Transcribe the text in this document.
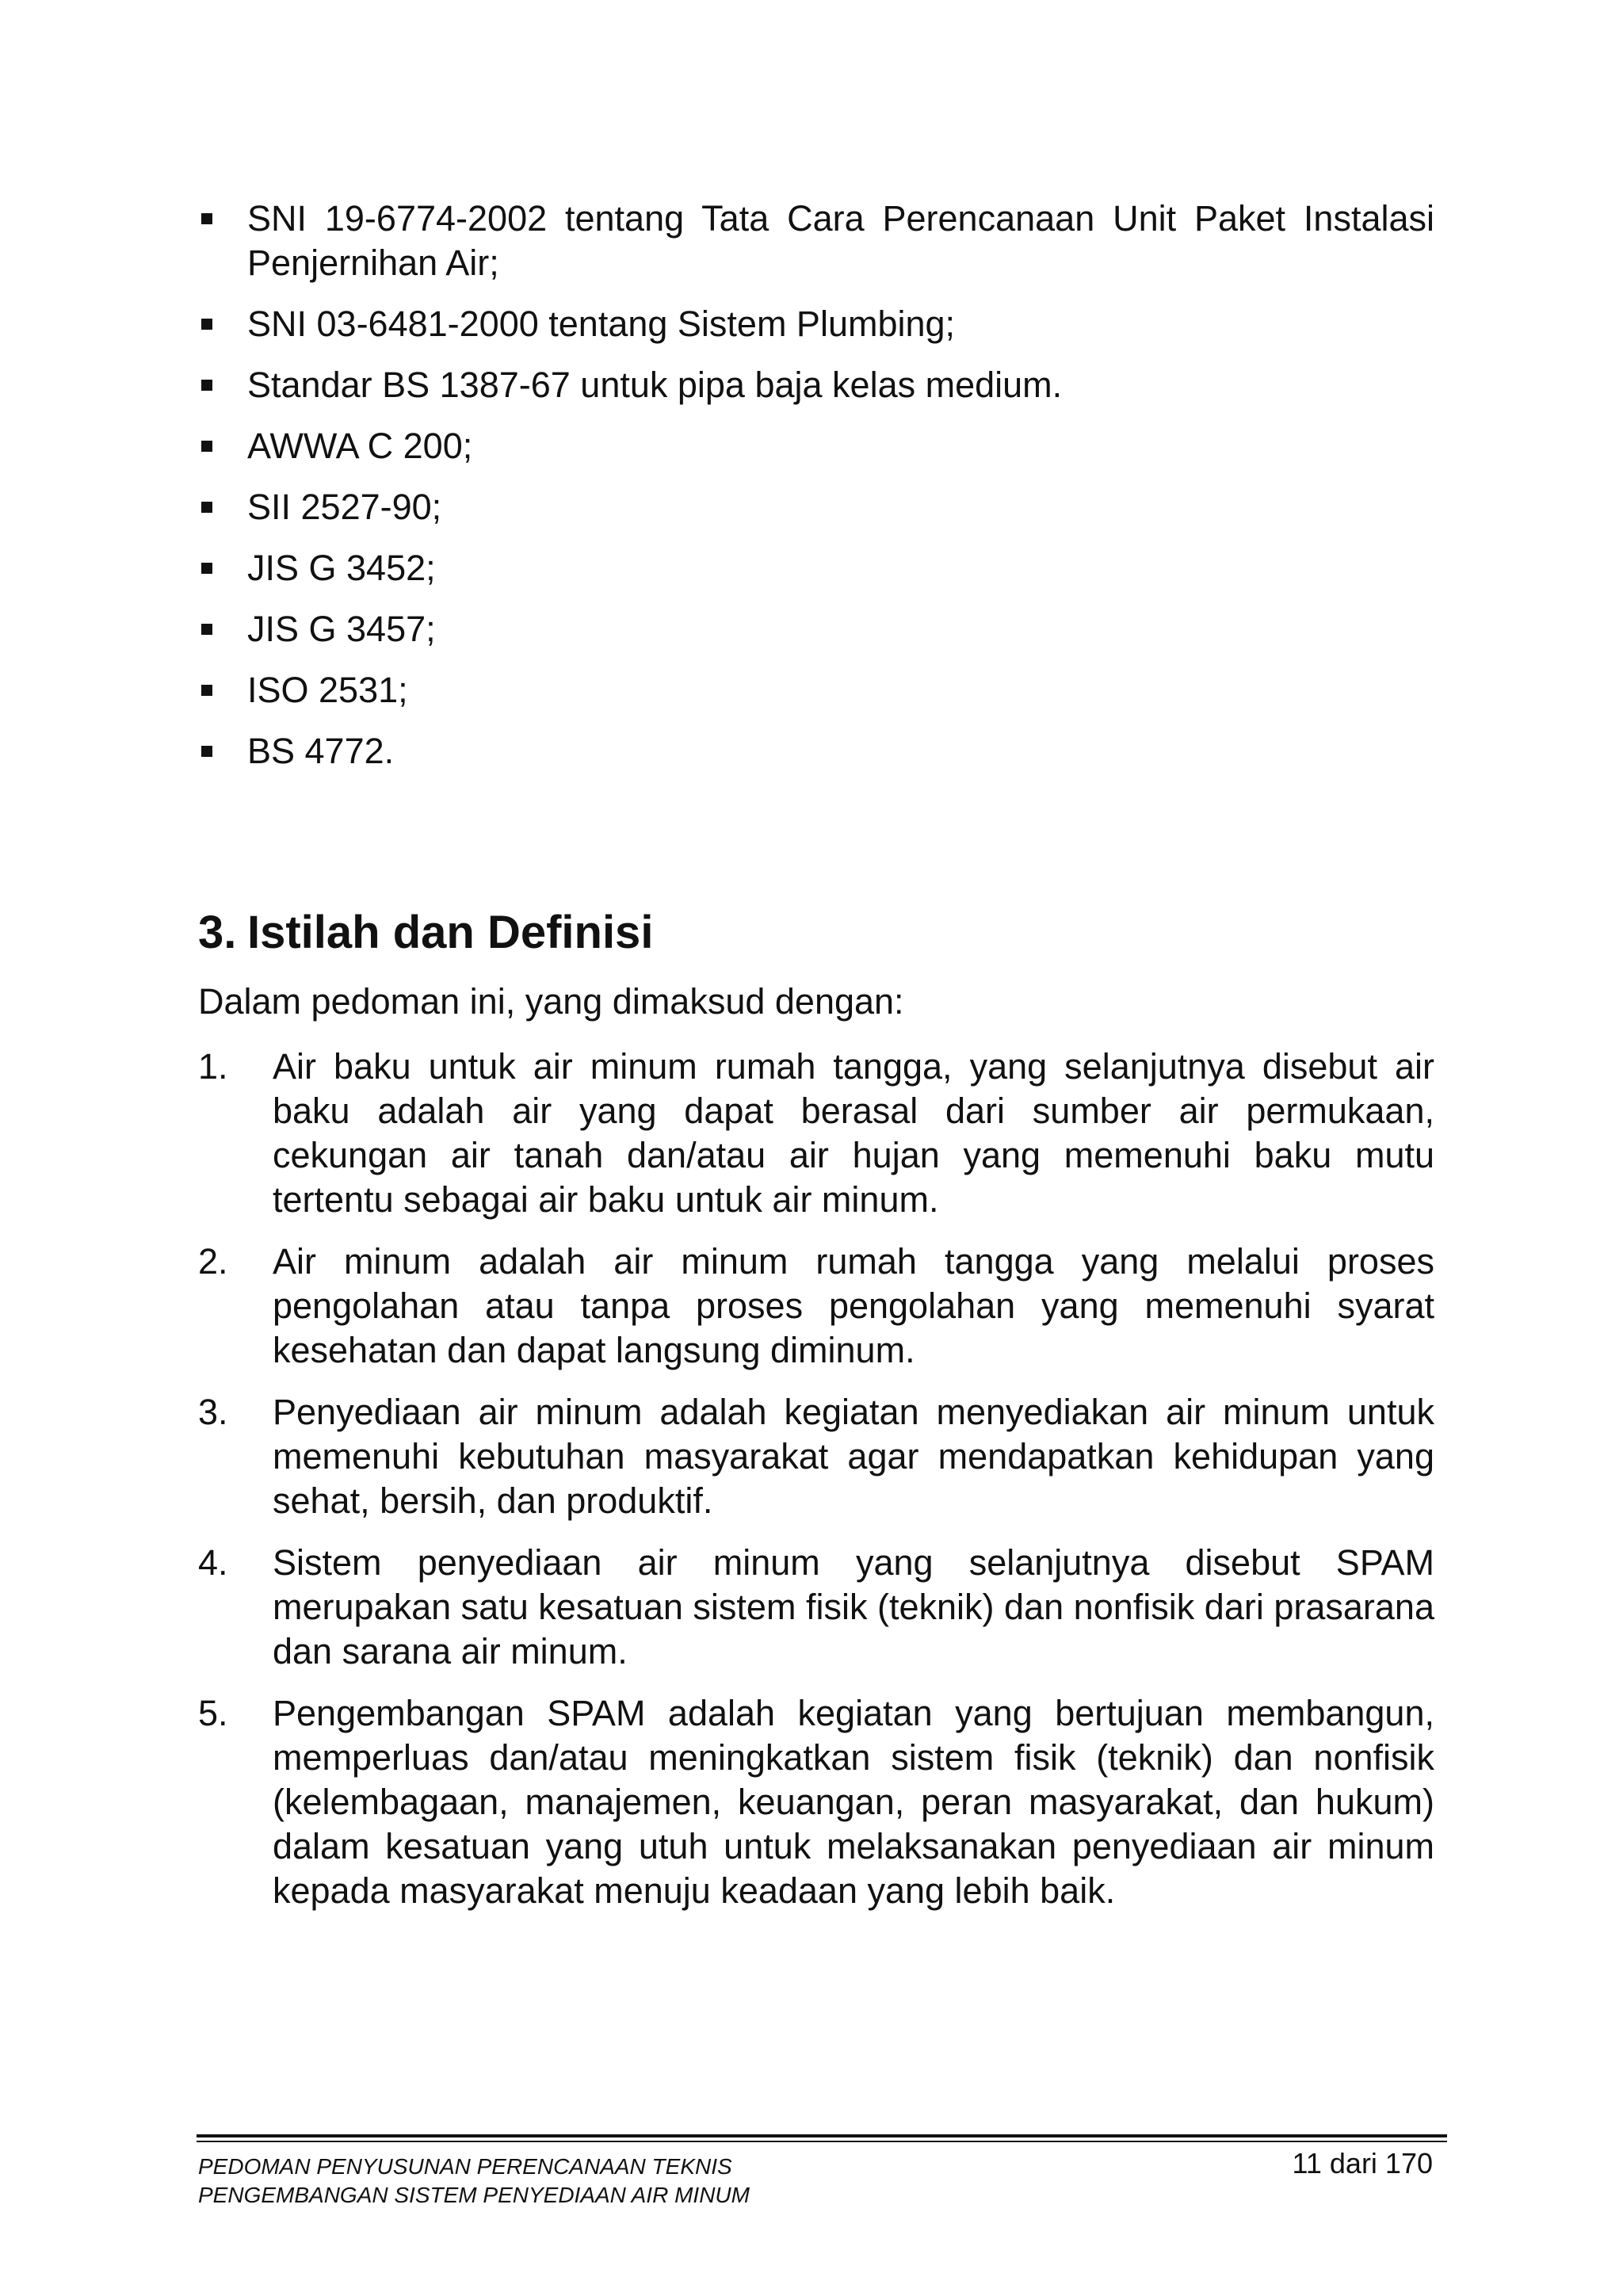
SNI 19-6774-2002 tentang Tata Cara Perencanaan Unit Paket Instalasi Penjernihan Air;
SNI 03-6481-2000 tentang Sistem Plumbing;
Standar BS 1387-67 untuk pipa baja kelas medium.
AWWA C 200;
SII 2527-90;
JIS G 3452;
JIS G 3457;
ISO 2531;
BS 4772.
3. Istilah dan Definisi
Dalam pedoman ini, yang dimaksud dengan:
1. Air baku untuk air minum rumah tangga, yang selanjutnya disebut air baku adalah air yang dapat berasal dari sumber air permukaan, cekungan air tanah dan/atau air hujan yang memenuhi baku mutu tertentu sebagai air baku untuk air minum.
2. Air minum adalah air minum rumah tangga yang melalui proses pengolahan atau tanpa proses pengolahan yang memenuhi syarat kesehatan dan dapat langsung diminum.
3. Penyediaan air minum adalah kegiatan menyediakan air minum untuk memenuhi kebutuhan masyarakat agar mendapatkan kehidupan yang sehat, bersih, dan produktif.
4. Sistem penyediaan air minum yang selanjutnya disebut SPAM merupakan satu kesatuan sistem fisik (teknik) dan nonfisik dari prasarana dan sarana air minum.
5. Pengembangan SPAM adalah kegiatan yang bertujuan membangun, memperluas dan/atau meningkatkan sistem fisik (teknik) dan nonfisik (kelembagaan, manajemen, keuangan, peran masyarakat, dan hukum) dalam kesatuan yang utuh untuk melaksanakan penyediaan air minum kepada masyarakat menuju keadaan yang lebih baik.
PEDOMAN PENYUSUNAN PERENCANAAN TEKNIS
PENGEMBANGAN SISTEM PENYEDIAAN AIR MINUM
11 dari 170
